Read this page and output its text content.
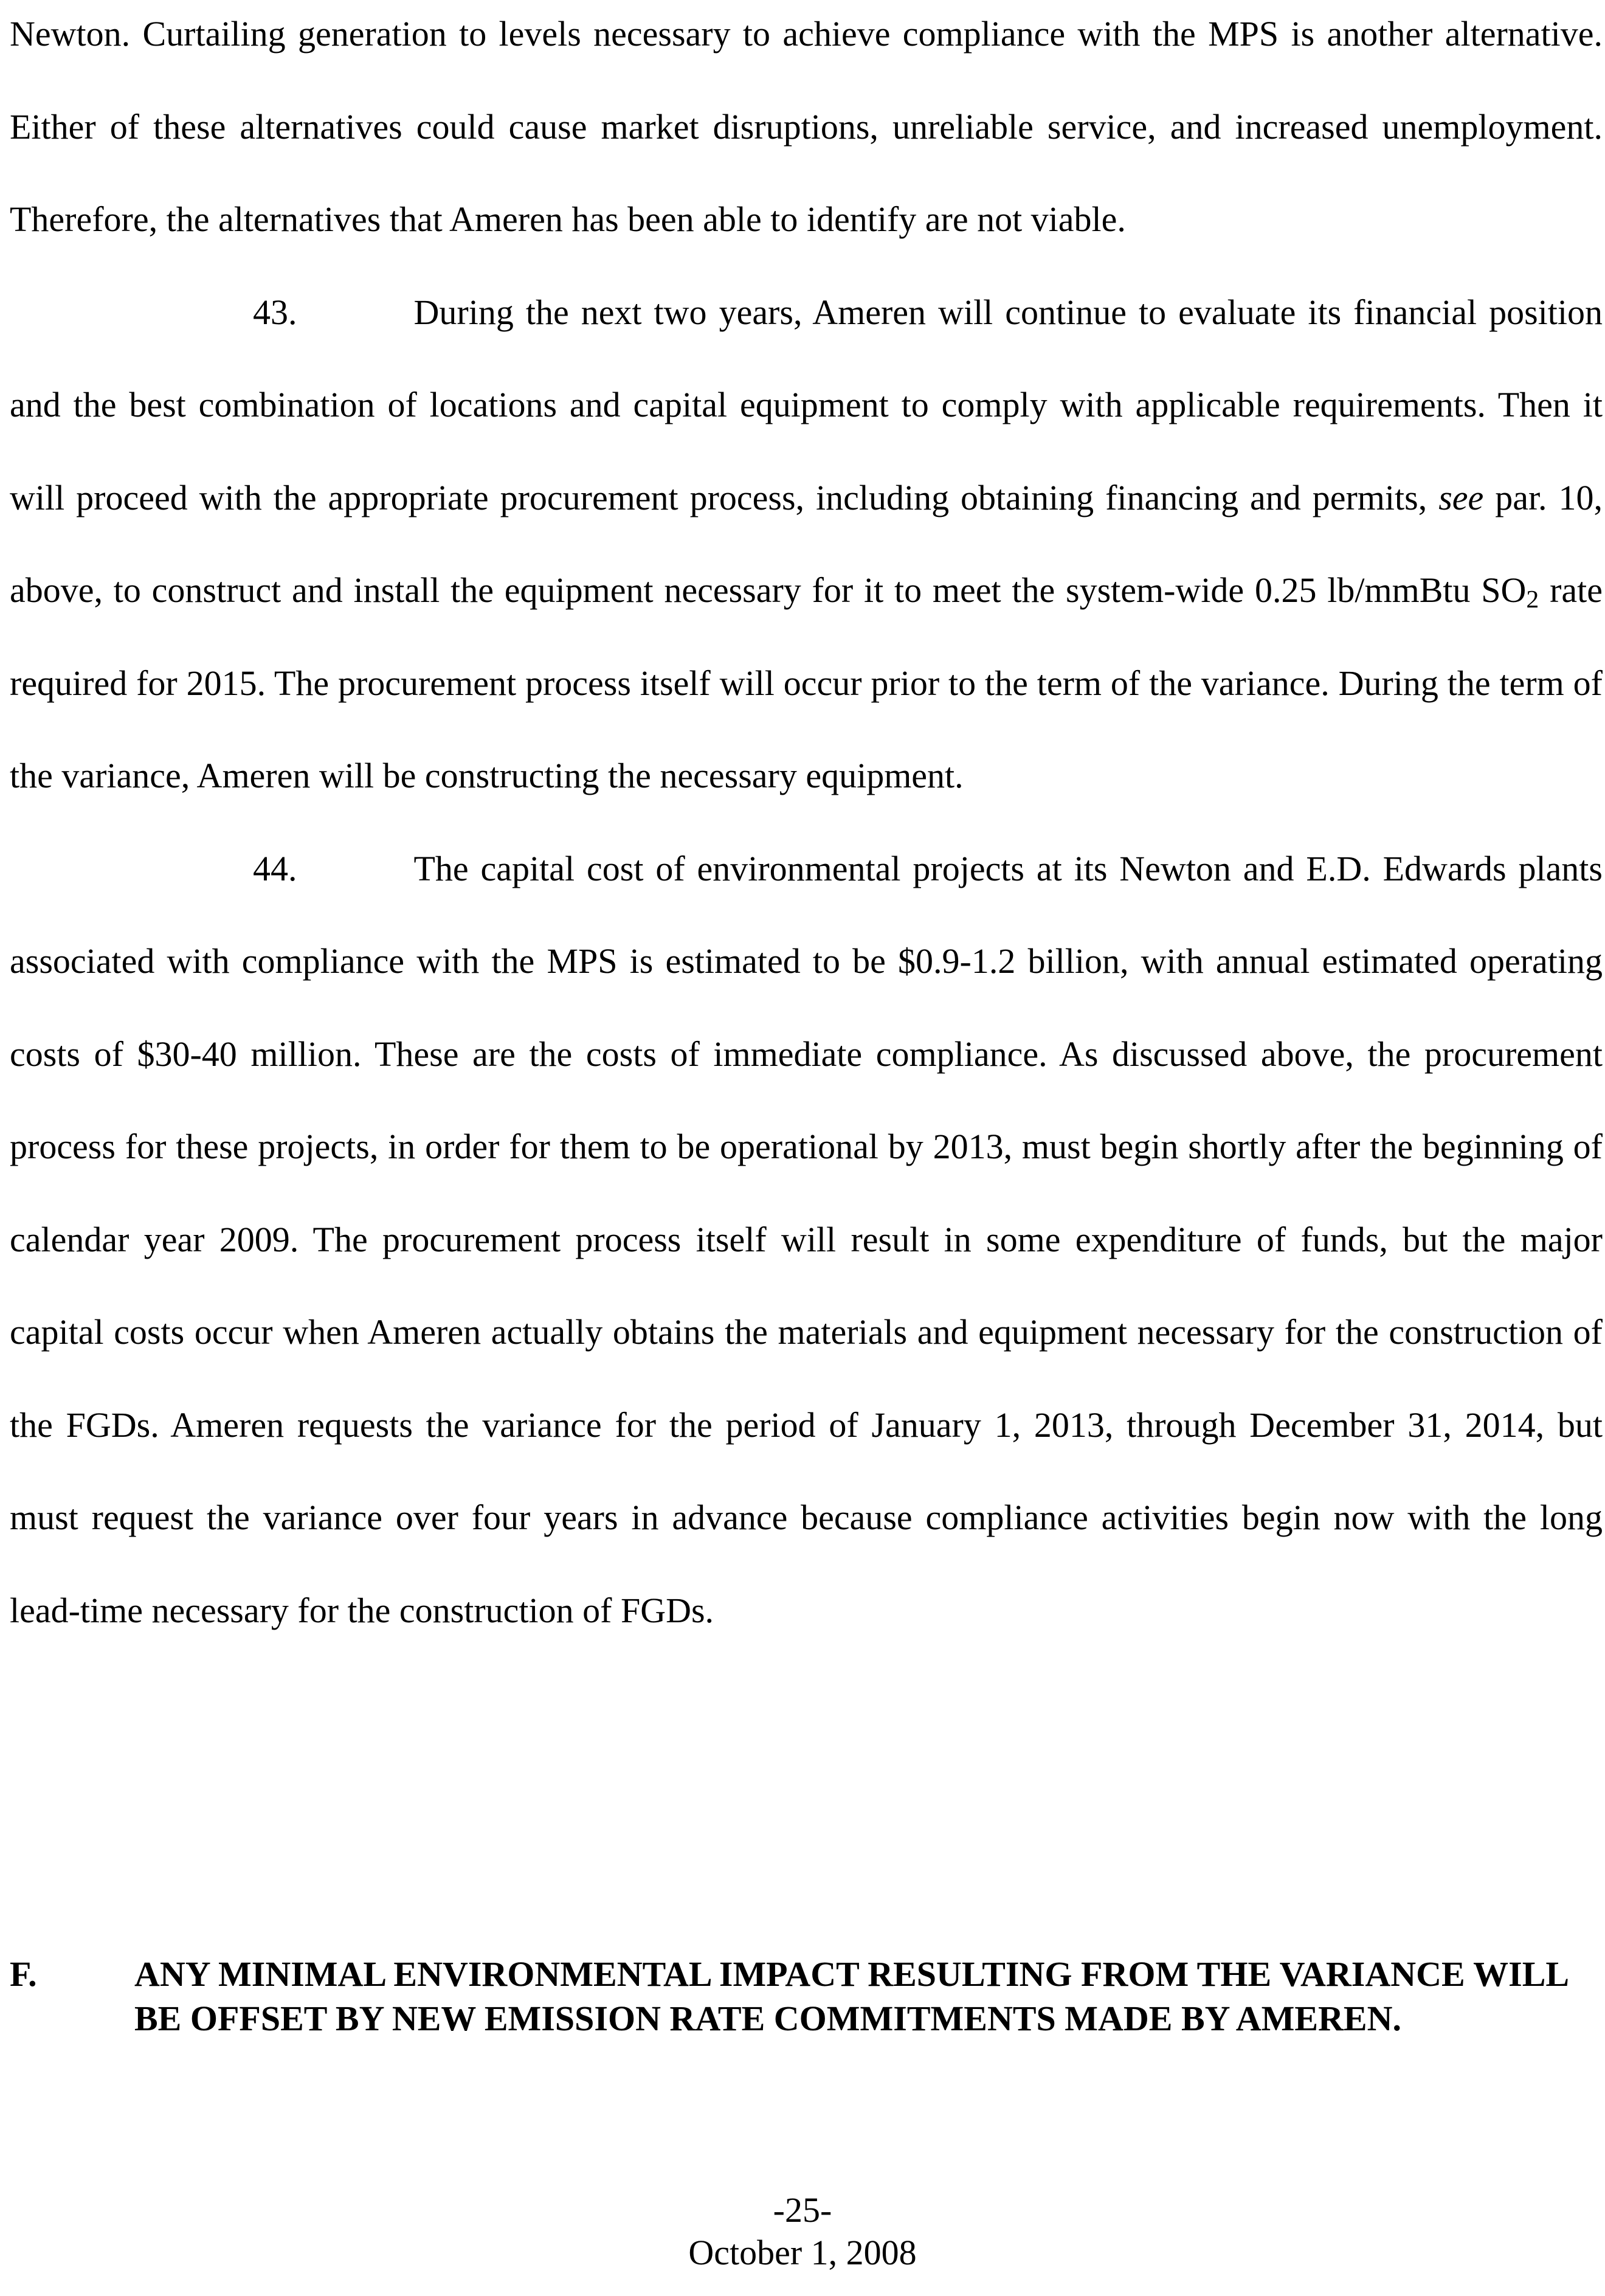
Newton. Curtailing generation to levels necessary to achieve compliance with the MPS is another alternative. Either of these alternatives could cause market disruptions, unreliable service, and increased unemployment. Therefore, the alternatives that Ameren has been able to identify are not viable.

43.	During the next two years, Ameren will continue to evaluate its financial position and the best combination of locations and capital equipment to comply with applicable requirements. Then it will proceed with the appropriate procurement process, including obtaining financing and permits, see par. 10, above, to construct and install the equipment necessary for it to meet the system-wide 0.25 lb/mmBtu $SO_2$ rate required for 2015. The procurement process itself will occur prior to the term of the variance. During the term of the variance, Ameren will be constructing the necessary equipment.

44.	The capital cost of environmental projects at its Newton and E.D. Edwards plants associated with compliance with the MPS is estimated to be $0.9-1.2 billion, with annual estimated operating costs of $30-40 million. These are the costs of immediate compliance. As discussed above, the procurement process for these projects, in order for them to be operational by 2013, must begin shortly after the beginning of calendar year 2009. The procurement process itself will result in some expenditure of funds, but the major capital costs occur when Ameren actually obtains the materials and equipment necessary for the construction of the FGDs. Ameren requests the variance for the period of January 1, 2013, through December 31, 2014, but must request the variance over four years in advance because compliance activities begin now with the long lead-time necessary for the construction of FGDs.

F.	ANY MINIMAL ENVIRONMENTAL IMPACT RESULTING FROM THE VARIANCE WILL BE OFFSET BY NEW EMISSION RATE COMMITMENTS MADE BY AMEREN.
-25-
October 1, 2008
